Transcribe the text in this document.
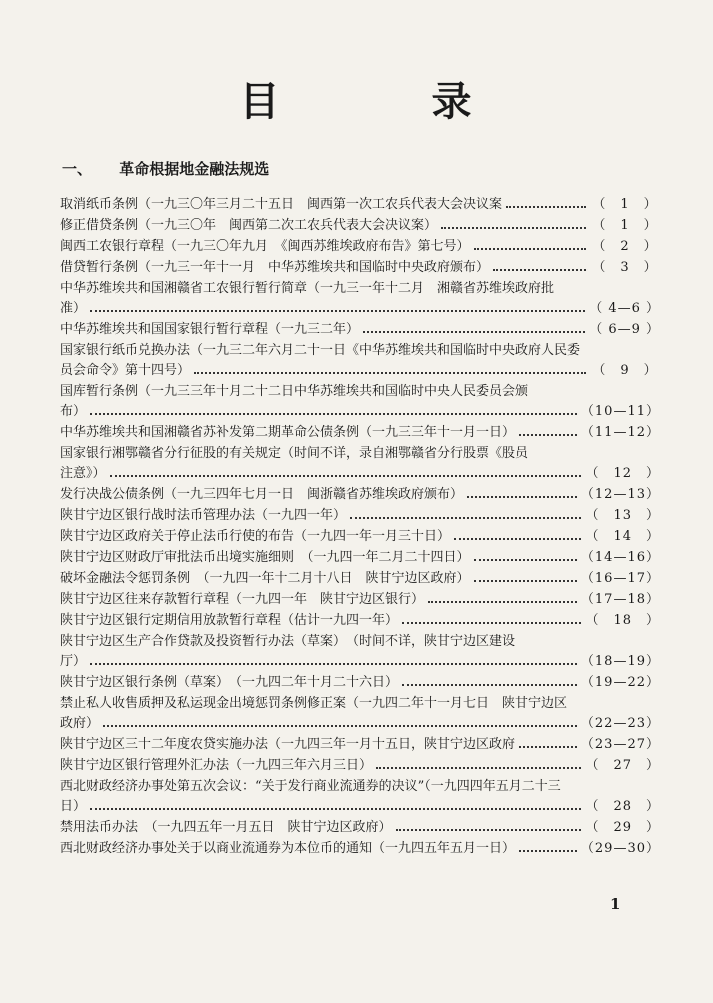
目	录
一、 革命根据地金融法规选
取消纸币条例（一九三〇年三月二十五日　闽西第一次工农兵代表大会决议案	（　1　）
修正借贷条例（一九三〇年　闽西第二次工农兵代表大会决议案）	（　1　）
闽西工农银行章程（一九三〇年九月　《闽西苏维埃政府布告》第七号）	（　2　）
借贷暂行条例（一九三一年十一月　中华苏维埃共和国临时中央政府颁布）	（　3　）
中华苏维埃共和国湘赣省工农银行暂行简章（一九三一年十二月　湘赣省苏维埃政府批
准）	（ 4—6 ）
中华苏维埃共和国国家银行暂行章程（一九三二年）	（ 6—9 ）
国家银行纸币兑换办法（一九三二年六月二十一日《中华苏维埃共和国临时中央政府人民委
员会命令》第十四号）	（　9　）
国库暂行条例（一九三三年十月二十二日中华苏维埃共和国临时中央人民委员会颁
布）	（10—11）
中华苏维埃共和国湘赣省苏补发第二期革命公债条例（一九三三年十一月一日）	（11—12）
国家银行湘鄂赣省分行征股的有关规定（时间不详，录自湘鄂赣省分行股票《股员
注意》）	（　12　）
发行决战公债条例（一九三四年七月一日　闽浙赣省苏维埃政府颁布）	（12—13）
陕甘宁边区银行战时法币管理办法（一九四一年）	（　13　）
陕甘宁边区政府关于停止法币行使的布告（一九四一年一月三十日）	（　14　）
陕甘宁边区财政厅审批法币出境实施细则　（一九四一年二月二十四日）	（14—16）
破坏金融法令惩罚条例　（一九四一年十二月十八日　陕甘宁边区政府）	（16—17）
陕甘宁边区往来存款暂行章程（一九四一年　陕甘宁边区银行）	（17—18）
陕甘宁边区银行定期信用放款暂行章程（估计一九四一年）	（　18　）
陕甘宁边区生产合作贷款及投资暂行办法（草案）　（时间不详，陕甘宁边区建设
厅）	（18—19）
陕甘宁边区银行条例（草案）　（一九四二年十月二十六日）	（19—22）
禁止私人收售质押及私运现金出境惩罚条例修正案（一九四二年十一月七日　陕甘宁边区
政府）	（22—23）
陕甘宁边区三十二年度农贷实施办法（一九四三年一月十五日，陕甘宁边区政府	（23—27）
陕甘宁边区银行管理外汇办法（一九四三年六月三日）	（　27　）
西北财政经济办事处第五次会议：“关于发行商业流通券的决议”（一九四四年五月二十三
日）	（　28　）
禁用法币办法　（一九四五年一月五日　陕甘宁边区政府）	（　29　）
西北财政经济办事处关于以商业流通券为本位币的通知（一九四五年五月一日）	（29—30）
1
